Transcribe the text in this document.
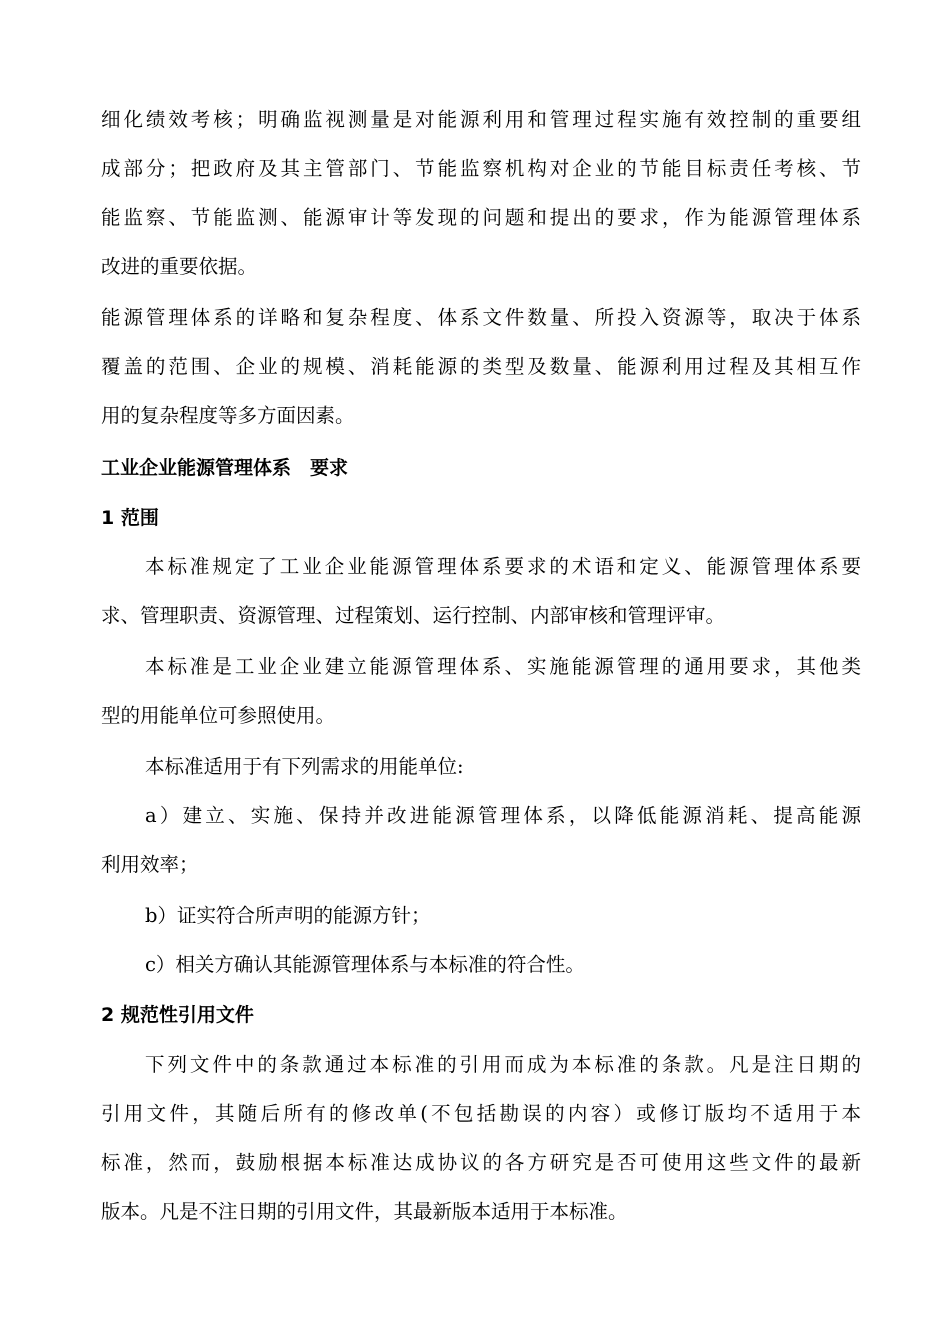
细化绩效考核；明确监视测量是对能源利用和管理过程实施有效控制的重要组
成部分；把政府及其主管部门、节能监察机构对企业的节能目标责任考核、节
能监察、节能监测、能源审计等发现的问题和提出的要求，作为能源管理体系
改进的重要依据。
能源管理体系的详略和复杂程度、体系文件数量、所投入资源等，取决于体系
覆盖的范围、企业的规模、消耗能源的类型及数量、能源利用过程及其相互作
用的复杂程度等多方面因素。
工业企业能源管理体系　要求
1 范围
本标准规定了工业企业能源管理体系要求的术语和定义、能源管理体系要
求、管理职责、资源管理、过程策划、运行控制、内部审核和管理评审。
本标准是工业企业建立能源管理体系、实施能源管理的通用要求，其他类
型的用能单位可参照使用。
本标准适用于有下列需求的用能单位:
a）建立、实施、保持并改进能源管理体系，以降低能源消耗、提高能源
利用效率；
b）证实符合所声明的能源方针；
c）相关方确认其能源管理体系与本标准的符合性。
2 规范性引用文件
下列文件中的条款通过本标准的引用而成为本标准的条款。凡是注日期的
引用文件，其随后所有的修改单(不包括勘误的内容）或修订版均不适用于本
标准，然而，鼓励根据本标准达成协议的各方研究是否可使用这些文件的最新
版本。凡是不注日期的引用文件，其最新版本适用于本标准。
